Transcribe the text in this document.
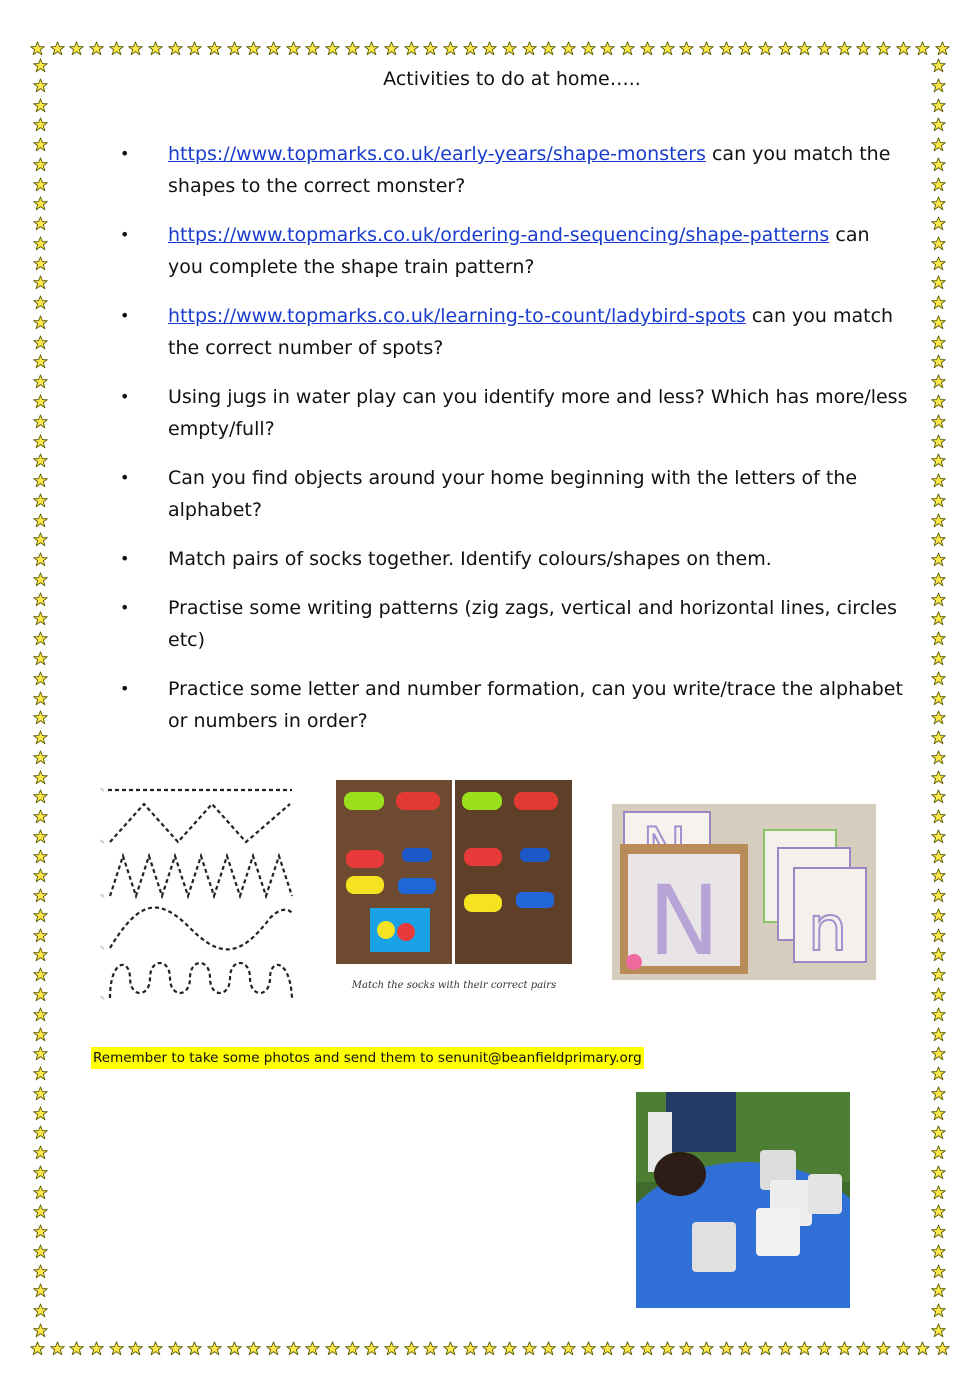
Activities to do at home…..
• https://www.topmarks.co.uk/early-years/shape-monsters can you match the shapes to the correct monster?
• https://www.topmarks.co.uk/ordering-and-sequencing/shape-patterns can you complete the shape train pattern?
• https://www.topmarks.co.uk/learning-to-count/ladybird-spots can you match the correct number of spots?
• Using jugs in water play can you identify more and less? Which has more/less empty/full?
• Can you find objects around your home beginning with the letters of the alphabet?
• Match pairs of socks together. Identify colours/shapes on them.
• Practise some writing patterns (zig zags, vertical and horizontal lines, circles etc)
• Practice some letter and number formation, can you write/trace the alphabet or numbers in order?
✎
✎
✎
✎
✎
Match the socks with their correct pairs
N n
Remember to take some photos and send them to senunit@beanfieldprimary.org
